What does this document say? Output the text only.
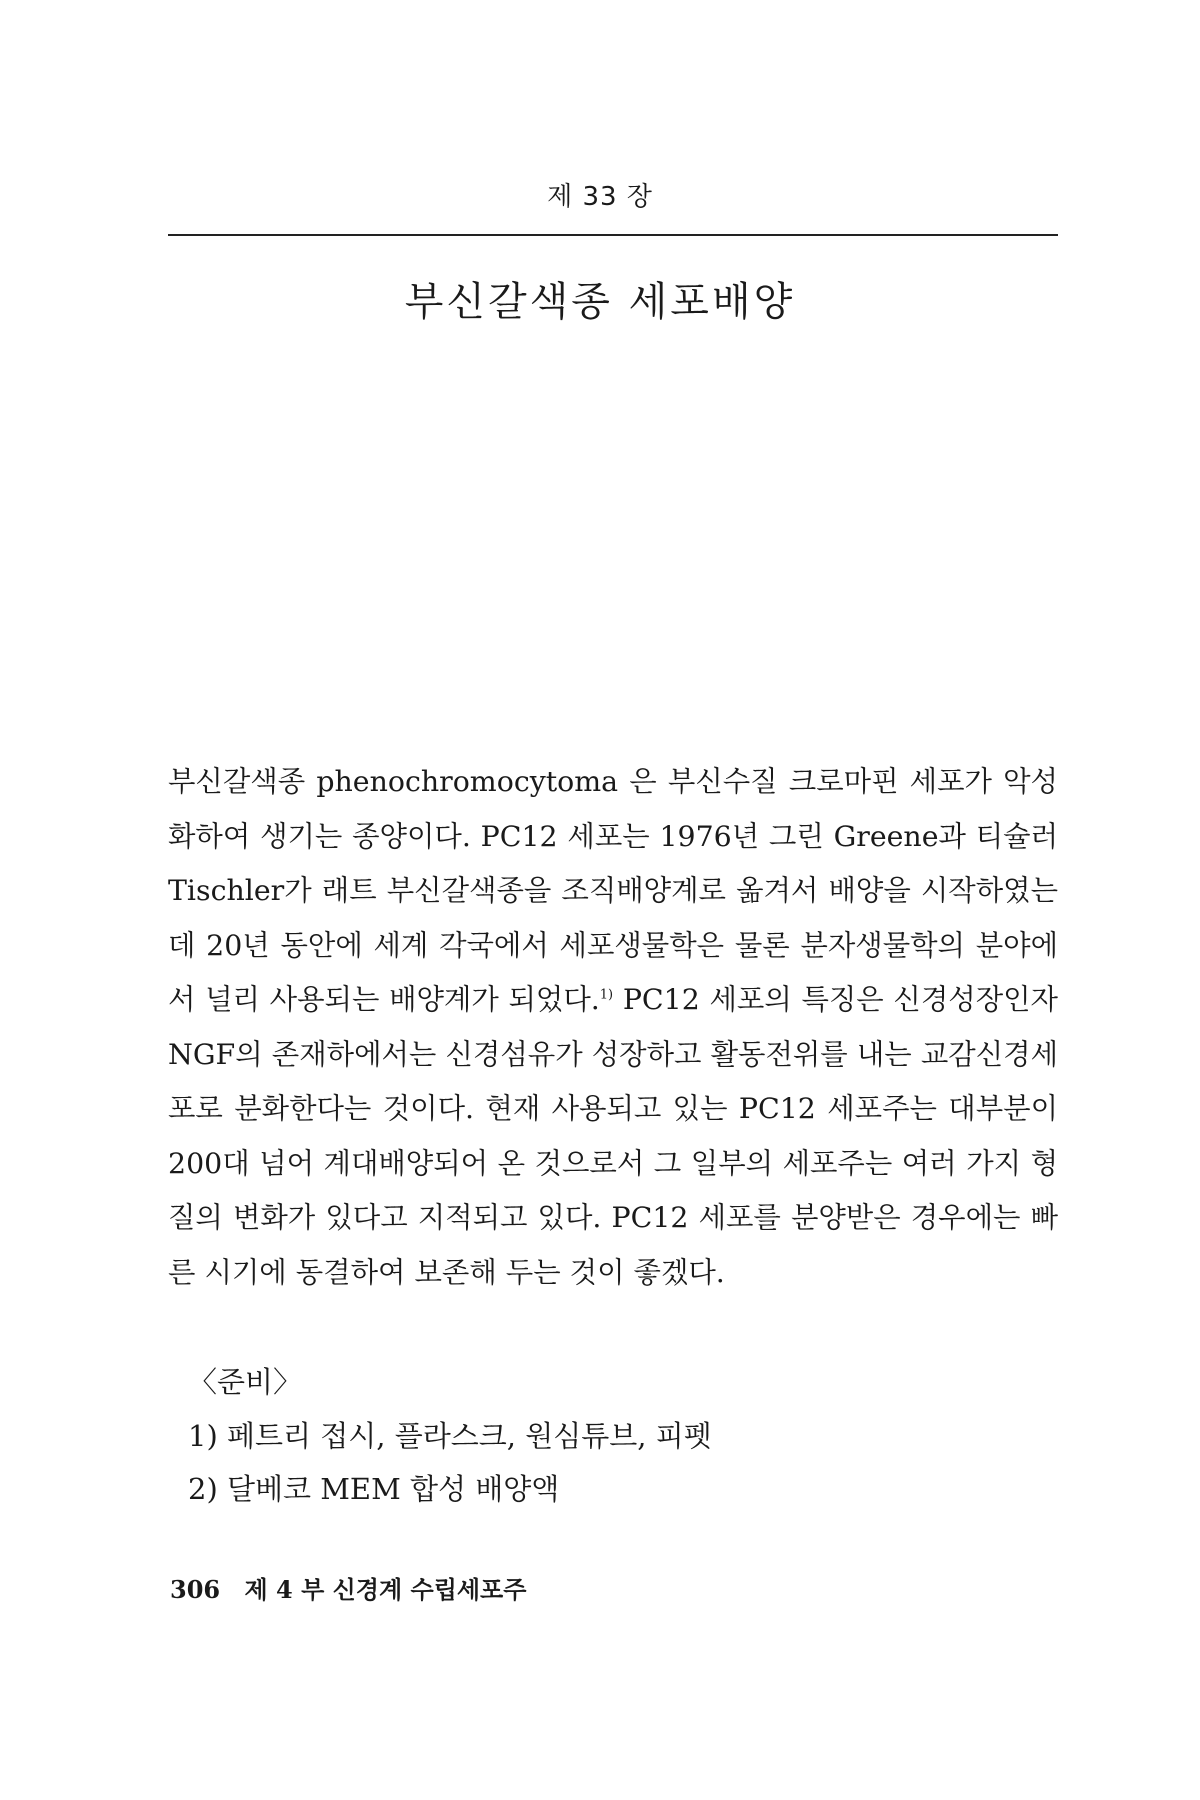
제 33 장
부신갈색종 세포배양

부신갈색종 phenochromocytoma 은 부신수질 크로마핀 세포가 악성화하여 생기는 종양이다. PC12 세포는 1976년 그린 Greene과 티슐러 Tischler가 래트 부신갈색종을 조직배양계로 옮겨서 배양을 시작하였는데 20년 동안에 세계 각국에서 세포생물학은 물론 분자생물학의 분야에서 널리 사용되는 배양계가 되었다.$^{1)}$ PC12 세포의 특징은 신경성장인자 NGF의 존재하에서는 신경섬유가 성장하고 활동전위를 내는 교감신경세포로 분화한다는 것이다. 현재 사용되고 있는 PC12 세포주는 대부분이 200대 넘어 계대배양되어 온 것으로서 그 일부의 세포주는 여러 가지 형질의 변화가 있다고 지적되고 있다. PC12 세포를 분양받은 경우에는 빠른 시기에 동결하여 보존해 두는 것이 좋겠다.

〈준비〉
1) 페트리 접시, 플라스크, 원심튜브, 피펫
2) 달베코 MEM 합성 배양액
306 제 4 부 신경계 수립세포주
